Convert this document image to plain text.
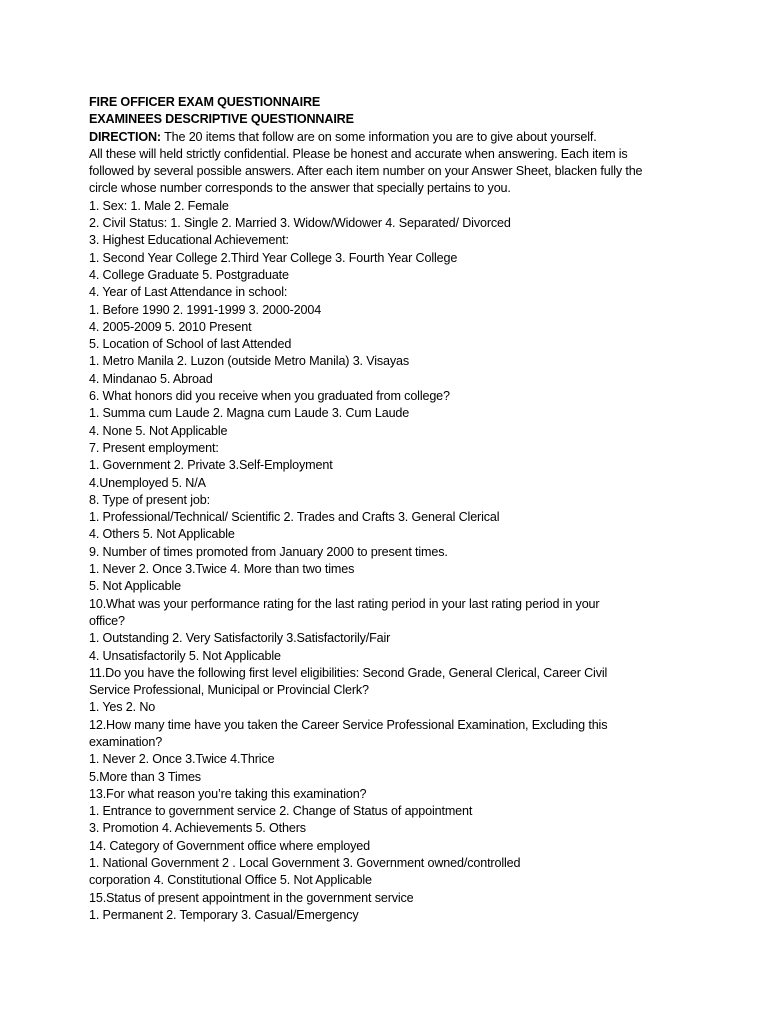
FIRE OFFICER EXAM QUESTIONNAIRE
EXAMINEES DESCRIPTIVE QUESTIONNAIRE
DIRECTION: The 20 items that follow are on some information you are to give about yourself.
All these will held strictly confidential. Please be honest and accurate when answering. Each item is
followed by several possible answers. After each item number on your Answer Sheet, blacken fully the
circle whose number corresponds to the answer that specially pertains to you.
1. Sex: 1. Male 2. Female
2. Civil Status: 1. Single 2. Married 3. Widow/Widower 4. Separated/ Divorced
3. Highest Educational Achievement:
1. Second Year College 2.Third Year College 3. Fourth Year College
4. College Graduate 5. Postgraduate
4. Year of Last Attendance in school:
1. Before 1990 2. 1991-1999 3. 2000-2004
4. 2005-2009 5. 2010 Present
5. Location of School of last Attended
1. Metro Manila 2. Luzon (outside Metro Manila) 3. Visayas
4. Mindanao 5. Abroad
6. What honors did you receive when you graduated from college?
1. Summa cum Laude 2. Magna cum Laude 3. Cum Laude
4. None 5. Not Applicable
7. Present employment:
1. Government 2. Private 3.Self-Employment
4.Unemployed 5. N/A
8. Type of present job:
1. Professional/Technical/ Scientific 2. Trades and Crafts 3. General Clerical
4. Others 5. Not Applicable
9. Number of times promoted from January 2000 to present times.
1. Never 2. Once 3.Twice 4. More than two times
5. Not Applicable
10.What was your performance rating for the last rating period in your last rating period in your
office?
1. Outstanding 2. Very Satisfactorily 3.Satisfactorily/Fair
4. Unsatisfactorily 5. Not Applicable
11.Do you have the following first level eligibilities: Second Grade, General Clerical, Career Civil
Service Professional, Municipal or Provincial Clerk?
1. Yes 2. No
12.How many time have you taken the Career Service Professional Examination, Excluding this
examination?
1. Never 2. Once 3.Twice 4.Thrice
5.More than 3 Times
13.For what reason you’re taking this examination?
1. Entrance to government service 2. Change of Status of appointment
3. Promotion 4. Achievements 5. Others
14. Category of Government office where employed
1. National Government 2 . Local Government 3. Government owned/controlled
corporation 4. Constitutional Office 5. Not Applicable
15.Status of present appointment in the government service
1. Permanent 2. Temporary 3. Casual/Emergency
